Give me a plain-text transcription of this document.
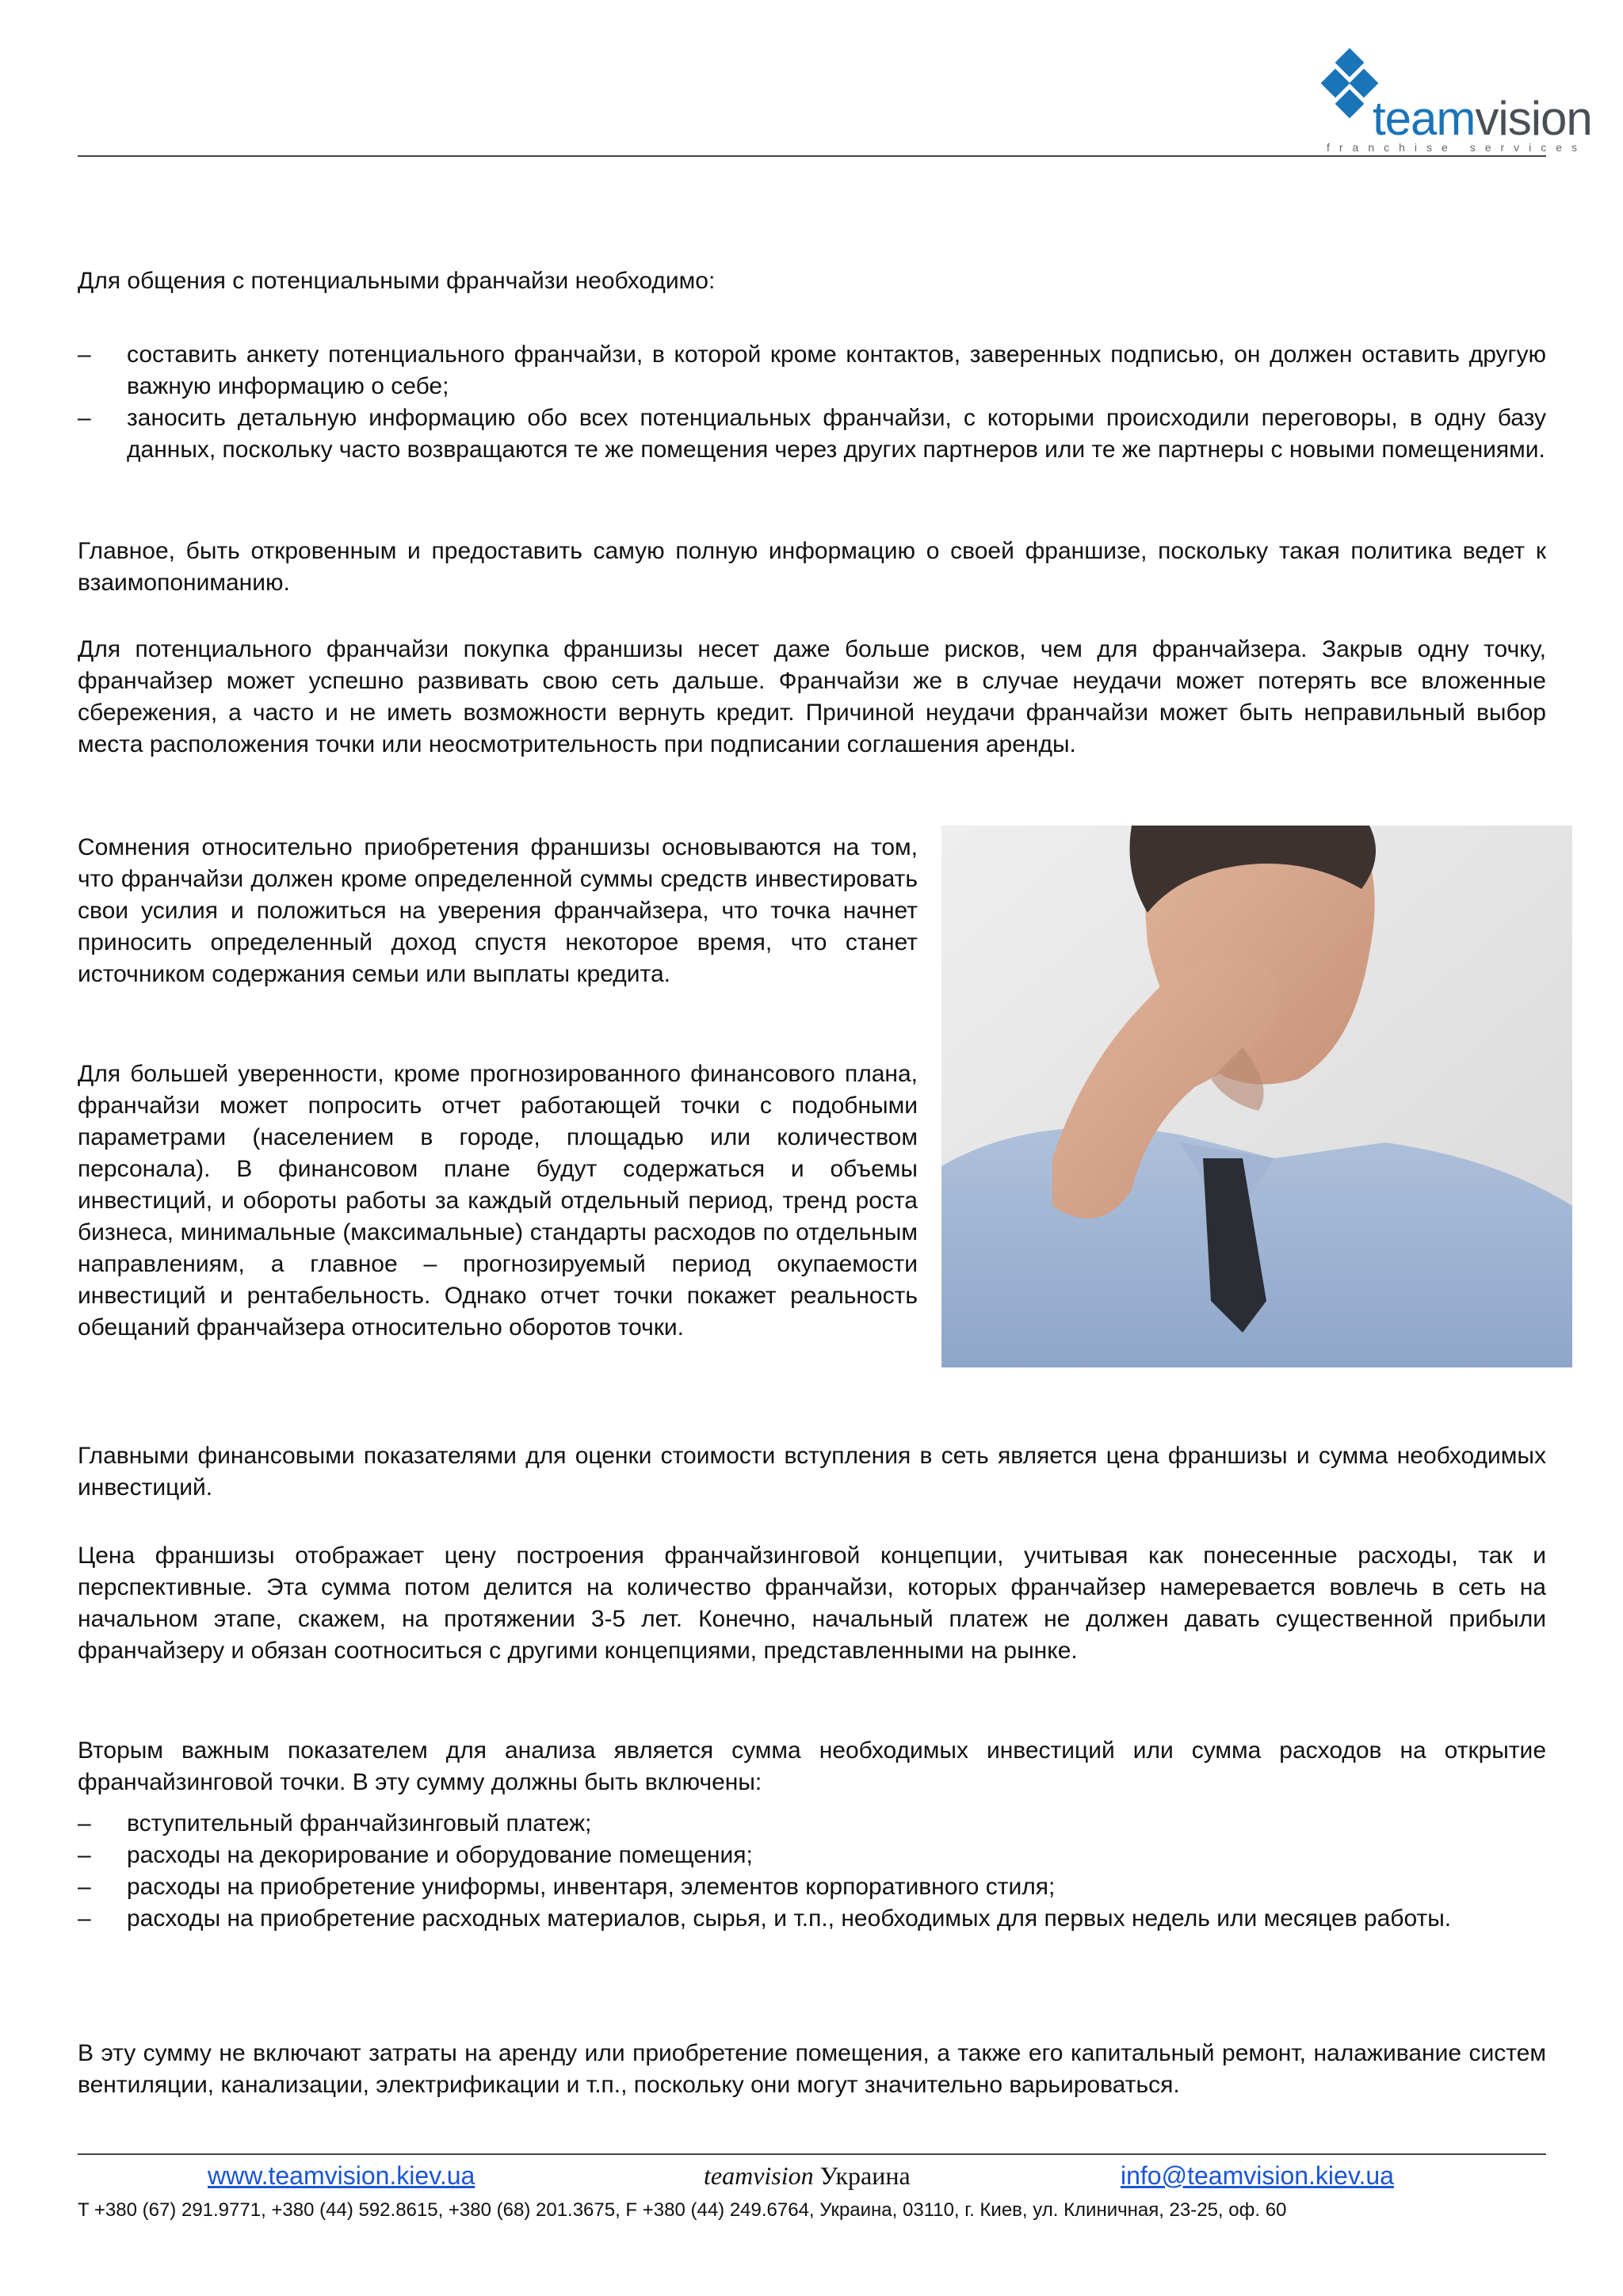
teamvision
franchise services

Для общения с потенциальными франчайзи необходимо:

– составить анкету потенциального франчайзи, в которой кроме контактов, заверенных подписью, он должен оставить другую важную информацию о себе;
– заносить детальную информацию обо всех потенциальных франчайзи, с которыми происходили переговоры, в одну базу данных, поскольку часто возвращаются те же помещения через других партнеров или те же партнеры с новыми помещениями.

Главное, быть откровенным и предоставить самую полную информацию о своей франшизе, поскольку такая политика ведет к взаимопониманию.

Для потенциального франчайзи покупка франшизы несет даже больше рисков, чем для франчайзера. Закрыв одну точку, франчайзер может успешно развивать свою сеть дальше. Франчайзи же в случае неудачи может потерять все вложенные сбережения, а часто и не иметь возможности вернуть кредит. Причиной неудачи франчайзи может быть неправильный выбор места расположения точки или неосмотрительность при подписании соглашения аренды.

Сомнения относительно приобретения франшизы основываются на том, что франчайзи должен кроме определенной суммы средств инвестировать свои усилия и положиться на уверения франчайзера, что точка начнет приносить определенный доход спустя некоторое время, что станет источником содержания семьи или выплаты кредита.

Для большей уверенности, кроме прогнозированного финансового плана, франчайзи может попросить отчет работающей точки с подобными параметрами (населением в городе, площадью или количеством персонала). В финансовом плане будут содержаться и объемы инвестиций, и обороты работы за каждый отдельный период, тренд роста бизнеса, минимальные (максимальные) стандарты расходов по отдельным направлениям, а главное – прогнозируемый период окупаемости инвестиций и рентабельность. Однако отчет точки покажет реальность обещаний франчайзера относительно оборотов точки.

Главными финансовыми показателями для оценки стоимости вступления в сеть является цена франшизы и сумма необходимых инвестиций.

Цена франшизы отображает цену построения франчайзинговой концепции, учитывая как понесенные расходы, так и перспективные. Эта сумма потом делится на количество франчайзи, которых франчайзер намеревается вовлечь в сеть на начальном этапе, скажем, на протяжении 3-5 лет. Конечно, начальный платеж не должен давать существенной прибыли франчайзеру и обязан соотноситься с другими концепциями, представленными на рынке.

Вторым важным показателем для анализа является сумма необходимых инвестиций или сумма расходов на открытие франчайзинговой точки. В эту сумму должны быть включены:

– вступительный франчайзинговый платеж;
– расходы на декорирование и оборудование помещения;
– расходы на приобретение униформы, инвентаря, элементов корпоративного стиля;
– расходы на приобретение расходных материалов, сырья, и т.п., необходимых для первых недель или месяцев работы.

В эту сумму не включают затраты на аренду или приобретение помещения, а также его капитальный ремонт, налаживание систем вентиляции, канализации, электрификации и т.п., поскольку они могут значительно варьироваться.

www.teamvision.kiev.ua	teamvision Украина	info@teamvision.kiev.ua
T +380 (67) 291.9771, +380 (44) 592.8615, +380 (68) 201.3675, F +380 (44) 249.6764, Украина, 03110, г. Киев, ул. Клиничная, 23-25, оф. 60
